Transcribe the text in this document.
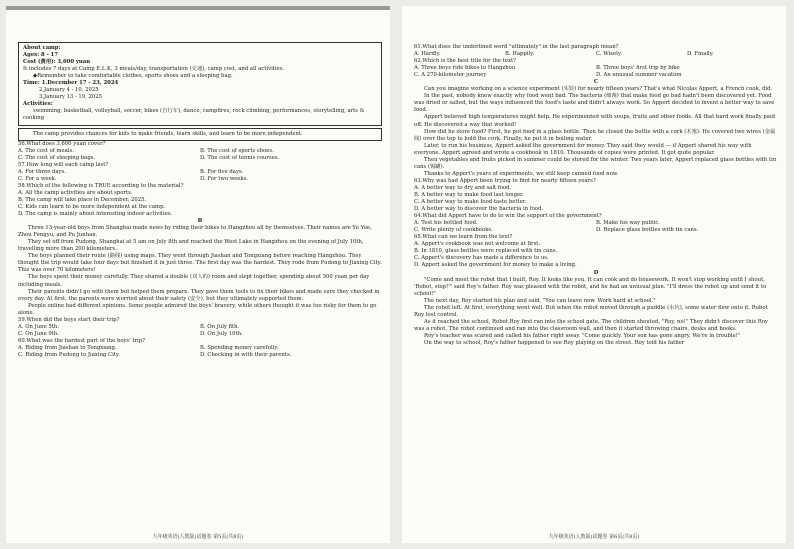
About camp:

Ages: 8 - 17

Cost (费用): 3,600 yuan

It includes 7 days at Camp E.L.K, 3 meals/day, transportation (交通), camp cost, and all activities.

◆Remember to take comfortable clothes, sports shoes and a sleeping bag.

Time: 1.December 17 - 23, 2024

2.January 4 - 10, 2025

3.January 13 - 19, 2025

Activities:

swimming, basketball, volleyball, soccer, bikes (自行车), dance, campfires, rock climbing, performances, storytelling, arts & cooking

The camp provides chances for kids to make friends, learn skills, and learn to be more independent.

56.What does 3,600 yuan cover?

A. The cost of meals.	B. The cost of sports shoes.
C. The cost of sleeping bags.	D. The cost of tennis courses.

57.How long will each camp last?

A. For three days.	B. For five days.
C. For a week.	D. For two weeks.

58.Which of the following is TRUE according to the material?

A. All the camp activities are about sports.
B. The camp will take place in December, 2025.
C. Kids can learn to be more independent at the camp.
D. The camp is mainly about interesting indoor activities.

B

Three 13-year-old boys from Shanghai made news by riding their bikes to Hangzhou all by themselves. Their names are Yu Yue, Zhou Fengyu, and Pu Junhan.

They set off from Pudong, Shanghai at 5 am on July 8th and reached the West Lake in Hangzhou on the evening of July 10th, travelling more than 200 kilometers.

The boys planned their route (路线) using maps. They went through Jiashan and Tongxiang before reaching Hangzhou. They thought the trip would take four days but finished it in just three. The first day was the hardest. They rode from Pudong to Jiaxing City. This was over 70 kilometers!

The boys spent their money carefully. They shared a double (双人的) room and slept together, spending about 500 yuan per day including meals.

Their parents didn't go with them but helped them prepare. They gave them tools to fix their bikes and made sure they checked in every day. At first, the parents were worried about their safety (安全), but they ultimately supported them.

People online had different opinions. Some people admired the boys' bravery, while others thought it was too risky for them to go alone.

59.When did the boys start their trip?

A. On June 5th.	B. On July 8th.
C. On June 9th.	D. On July 10th.

60.What was the hardest part of the boys' trip?

A. Riding from Jiashan to Tongxiang.	B. Spending money carefully.
C. Riding from Pudong to Jiaxing City.	D. Checking in with their parents.
九年级英语(人教版)试题卷 第5页(共8页)

61.What does the underlined word "ultimately" in the last paragraph mean?

A. Hardly.	B. Happily.	C. Wisely.	D. Finally.

62.Which is the best title for the text?

A. Three boys ride bikes to Hangzhou	B. Three boys' first trip by bike
C. A 270-kilometer journey	D. An unusual summer vacation

C

Can you imagine working on a science experiment (实验) for nearly fifteen years? That's what Nicolas Appert, a French cook, did.

In the past, nobody knew exactly why food went bad. The bacteria (细菌) that make food go bad hadn't been discovered yet. Food was dried or salted, but the ways influenced the food's taste and didn't always work. So Appert decided to invent a better way to save food.

Appert believed high temperatures might help. He experimented with soups, fruits and other foods. All that hard work finally paid off. He discovered a way that worked!

How did he store food? First, he put food in a glass bottle. Then he closed the bottle with a cork (木塞). He covered two wires (金属线) over the top to hold the cork. Finally, he put it in boiling water.

Later, to run his business, Appert asked the government for money. They said they would — if Appert shared his way with everyone. Appert agreed and wrote a cookbook in 1810. Thousands of copies were printed. It got quite popular.

Then vegetables and fruits picked in summer could be stored for the winter. Two years later, Appert replaced glass bottles with tin cans (锡罐).

Thanks to Appert's years of experiments, we still keep canned food now.

63.Why was had Appert been trying to find for nearly fifteen years?

A. A better way to dry and salt food.
B. A better way to make food last longer.
C. A better way to make food taste better.
D. A better way to discover the bacteria in food.

64.What did Appert have to do to win the support of the government?

A. Test his bottled food.	B. Make his way public.
C. Write plenty of cookbooks.	D. Replace glass bottles with tin cans.

65.What can we learn from the text?

A. Appert's cookbook was not welcome at first.
B. In 1810, glass bottles were replaced with tin cans.
C. Appert's discovery has made a difference to us.
D. Appert asked the government for money to make a living.

D

"Come and meet the robot that I built, Roy. It looks like you. It can cook and do housework. It won't stop working until I shout, 'Robot, stop!'" said Roy's father. Roy was pleased with the robot, and he had an unusual plan. "I'll dress the robot up and send it to school!"

The next day, Roy started his plan and said, "You can leave now. Work hard at school."

The robot left. At first, everything went well. But when the robot moved through a puddle (水坑), some water flew onto it. Robot Roy lost control.

As it reached the school, Robot Roy first ran into the school gate. The children shouted, "Roy, no!" They didn't discover this Roy was a robot. The robot continued and ran into the classroom wall, and then it started throwing chairs, desks and books.

Roy's teacher was scared and called his father right away. "Come quickly. Your son has gone angry. We're in trouble!"

On the way to school, Roy's father happened to see Roy playing on the street. Roy told his father

九年级英语(人教版)试题卷 第6页(共8页)
